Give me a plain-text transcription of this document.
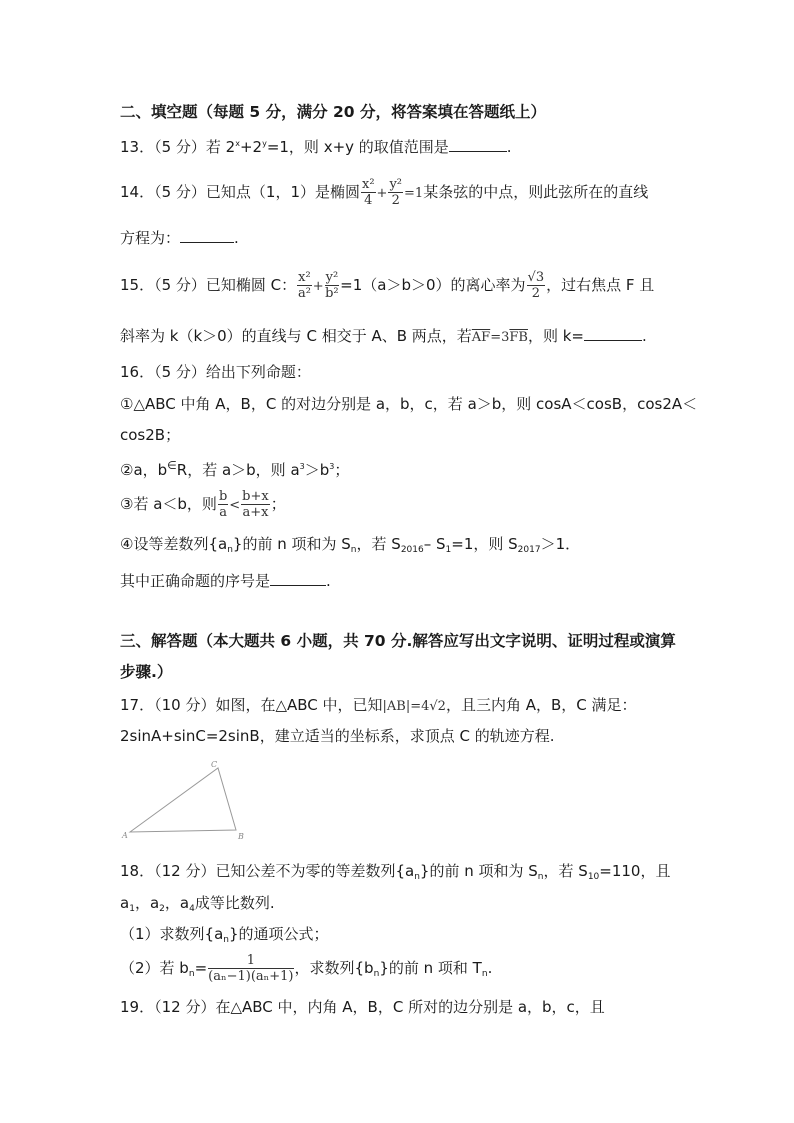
二、填空题（每题 5 分，满分 20 分，将答案填在答题纸上）
13．（5 分）若 $2^x+2^y=1$，则 x+y 的取值范围是	.
14．（5 分）已知点（1，1）是椭圆 $\frac{\text{x²}}{4} + \frac{\text{y²}}{2} =1$某条弦的中点，则此弦所在的直线
方程为：	.
15．（5 分）已知椭圆 C： $\frac{\text{x²}}{\text{a²}} + \frac{\text{y²}}{\text{b²}} =1(a>b>0)$的离心率为 $\frac{√3}{2}$ ，过右焦点 F 且
斜率为 k（k＞0）的直线与 C 相交于 A、B 两点，若$\overline{AF}=3\overline{FB}$，则 k=	.
16．（5 分）给出下列命题：
①△ABC 中角 A，B，C 的对边分别是 a，b，c，若 a＞b，则 cosA＜cosB，cos2A＜
cos2B；
②a，b∈R，若 a＞b，则 $a^3>b^3$；
③若 a＜b，则 $\frac{b}{a} < \frac{b+x}{a+x}$ ；
④设等差数列$\{a_n\}$的前 n 项和为 $S_n$，若 $S_{2016}-$ $S_1=1$，则 $S_{2017}>1$．
其中正确命题的序号是	.
三、解答题（本大题共 6 小题，共 70 分.解答应写出文字说明、证明过程或演算
步骤.）
17．（10 分）如图，在△ABC 中，已知|AB|=4√2，且三内角 A，B，C 满足：
2sinA+sinC=2sinB，建立适当的坐标系，求顶点 C 的轨迹方程.
A	B
C
18．（12 分）已知公差不为零的等差数列$\{a_n\}$的前 n 项和为 $S_n$，若 $S_{10}=110$，且
$a_1$，$a_2$，$a_4$成等比数列.
（1）求数列$\{a_n\}$的通项公式；
（2）若 $b_n= \frac{1}{\text{(aₙ−1)(aₙ+1)}}$ ，求数列$\{b_n\}$的前 n 项和 $T_n$.
19．（12 分）在△ABC 中，内角 A，B，C 所对的边分别是 a，b，c，且
